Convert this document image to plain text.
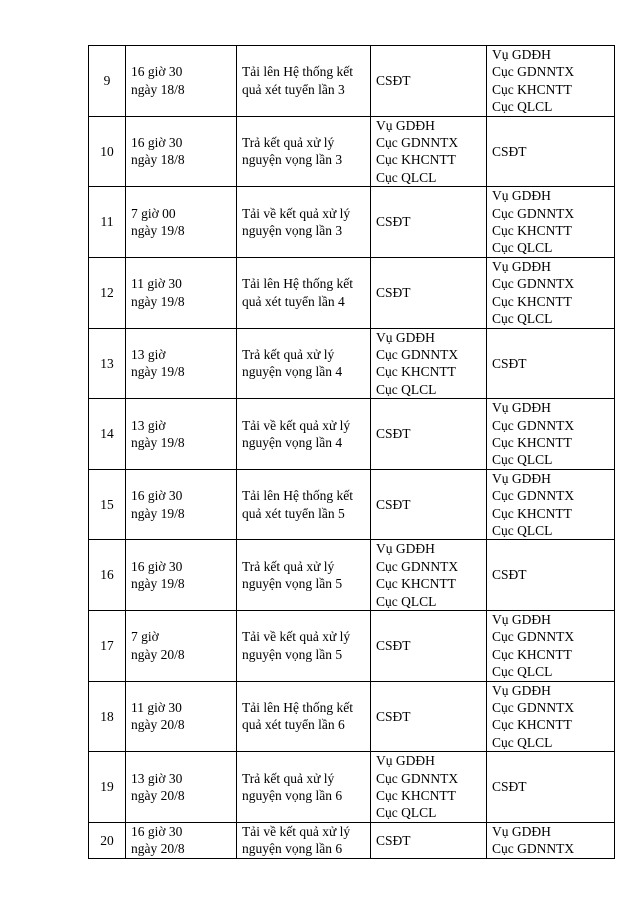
9	16 giờ 30
ngày 18/8	Tải lên Hệ thống kết
quả xét tuyển lần 3	CSĐT	Vụ GDĐH
Cục GDNNTX
Cục KHCNTT
Cục QLCL

10	16 giờ 30
ngày 18/8	Trả kết quả xử lý
nguyện vọng lần 3	Vụ GDĐH
Cục GDNNTX
Cục KHCNTT
Cục QLCL	CSĐT

11	7 giờ 00
ngày 19/8	Tải về kết quả xử lý
nguyện vọng lần 3	CSĐT	Vụ GDĐH
Cục GDNNTX
Cục KHCNTT
Cục QLCL

12	11 giờ 30
ngày 19/8	Tải lên Hệ thống kết
quả xét tuyển lần 4	CSĐT	Vụ GDĐH
Cục GDNNTX
Cục KHCNTT
Cục QLCL

13	13 giờ
ngày 19/8	Trả kết quả xử lý
nguyện vọng lần 4	Vụ GDĐH
Cục GDNNTX
Cục KHCNTT
Cục QLCL	CSĐT

14	13 giờ
ngày 19/8	Tải về kết quả xử lý
nguyện vọng lần 4	CSĐT	Vụ GDĐH
Cục GDNNTX
Cục KHCNTT
Cục QLCL

15	16 giờ 30
ngày 19/8	Tải lên Hệ thống kết
quả xét tuyển lần 5	CSĐT	Vụ GDĐH
Cục GDNNTX
Cục KHCNTT
Cục QLCL

16	16 giờ 30
ngày 19/8	Trả kết quả xử lý
nguyện vọng lần 5	Vụ GDĐH
Cục GDNNTX
Cục KHCNTT
Cục QLCL	CSĐT

17	7 giờ
ngày 20/8	Tải về kết quả xử lý
nguyện vọng lần 5	CSĐT	Vụ GDĐH
Cục GDNNTX
Cục KHCNTT
Cục QLCL

18	11 giờ 30
ngày 20/8	Tải lên Hệ thống kết
quả xét tuyển lần 6	CSĐT	Vụ GDĐH
Cục GDNNTX
Cục KHCNTT
Cục QLCL

19	13 giờ 30
ngày 20/8	Trả kết quả xử lý
nguyện vọng lần 6	Vụ GDĐH
Cục GDNNTX
Cục KHCNTT
Cục QLCL	CSĐT

20	16 giờ 30
ngày 20/8	Tải về kết quả xử lý
nguyện vọng lần 6	CSĐT	Vụ GDĐH
Cục GDNNTX
